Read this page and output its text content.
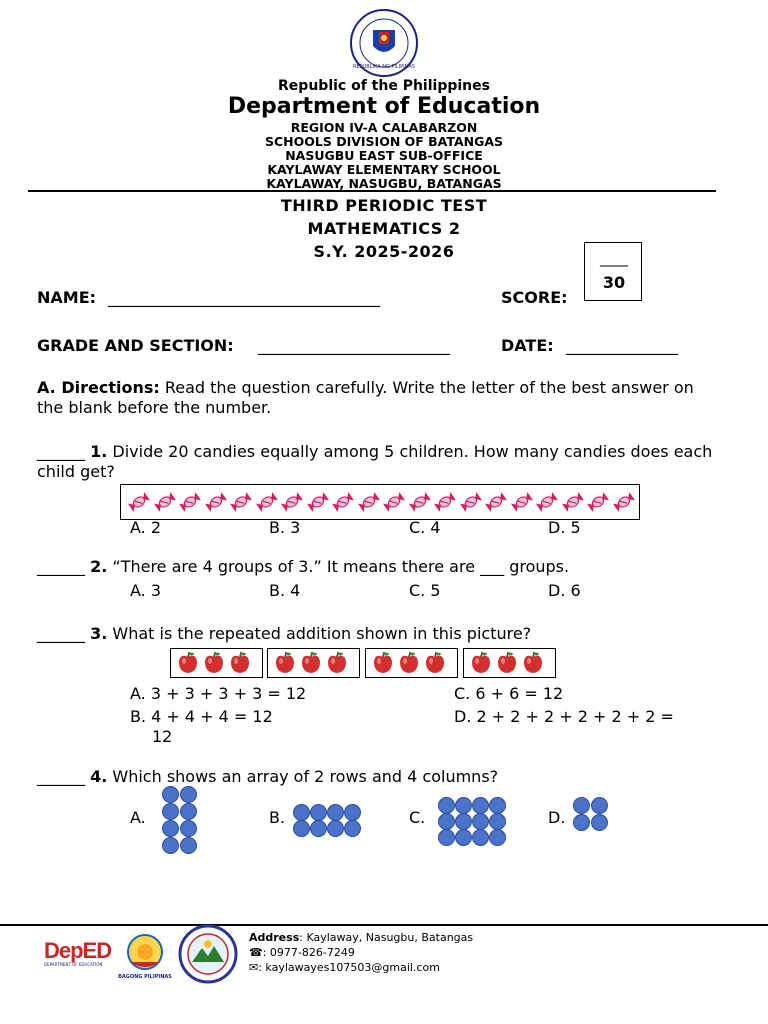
REPUBLIKA NG PILIPINAS
Republic of the Philippines
Department of Education
REGION IV-A CALABARZON
SCHOOLS DIVISION OF BATANGAS
NASUGBU EAST SUB-OFFICE
KAYLAWAY ELEMENTARY SCHOOL
KAYLAWAY, NASUGBU, BATANGAS
THIRD PERIODIC TEST
MATHEMATICS 2
S.Y. 2025-2026	____
30
NAME: __________________________________	SCORE:
GRADE AND SECTION: ________________________	DATE: ______________
A. Directions: Read the question carefully. Write the letter of the best answer on the blank before the number.
______ 1. Divide 20 candies equally among 5 children. How many candies does each child get?
A. 2	B. 3	C. 4	D. 5
______ 2. “There are 4 groups of 3.” It means there are ___ groups.
A. 3	B. 4	C. 5	D. 6
______ 3. What is the repeated addition shown in this picture?
A. 3 + 3 + 3 + 3 = 12	C. 6 + 6 = 12
B. 4 + 4 + 4 = 12	D. 2 + 2 + 2 + 2 + 2 + 2 =
12
______ 4. Which shows an array of 2 rows and 4 columns?
A.	B.	C.	D.
DepED
DEPARTMENT OF EDUCATION
BAGONG PILIPINAS
Address: Kaylaway, Nasugbu, Batangas
☎: 0977-826-7249
✉: kaylawayes107503@gmail.com
